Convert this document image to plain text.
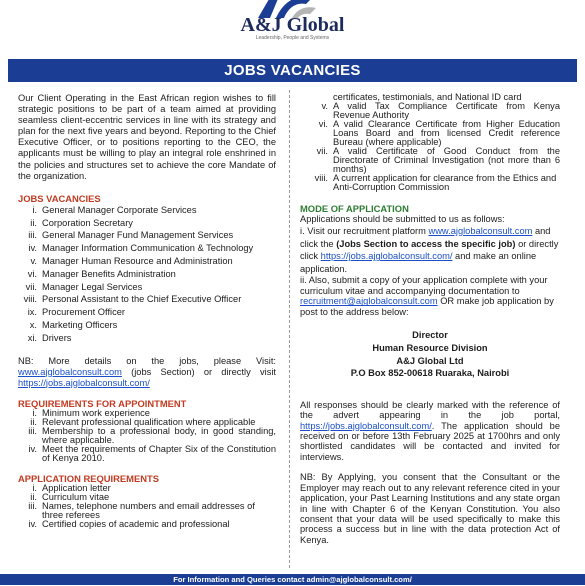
A&J Global
Leadership, People and Systems
JOBS VACANCIES

Our Client Operating in the East African region wishes to fill strategic positions to be part of a team aimed at providing seamless client-eccentric services in line with its strategy and plan for the next five years and beyond. Reporting to the Chief Executive Officer, or to positions reporting to the CEO, the applicants must be willing to play an integral role enshrined in the policies and structures set to achieve the core Mandate of the organization.

JOBS VACANCIES
i. General Manager Corporate Services
ii. Corporation Secretary
iii. General Manager Fund Management Services
iv. Manager Information Communication & Technology
v. Manager Human Resource and Administration
vi. Manager Benefits Administration
vii. Manager Legal Services
viii. Personal Assistant to the Chief Executive Officer
ix. Procurement Officer
x. Marketing Officers
xi. Drivers

NB: More details on the jobs, please Visit: www.ajglobalconsult.com (jobs Section) or directly visit https://jobs.ajglobalconsult.com/

REQUIREMENTS FOR APPOINTMENT
i. Minimum work experience
ii. Relevant professional qualification where applicable
iii. Membership to a professional body, in good standing, where applicable.
iv. Meet the requirements of Chapter Six of the Constitution of Kenya 2010.
APPLICATION REQUIREMENTS
i. Application letter
ii. Curriculum vitae
iii. Names, telephone numbers and email addresses of three referees
iv. Certified copies of academic and professional

certificates, testimonials, and National ID card

v. A valid Tax Compliance Certificate from Kenya Revenue Authority
vi. A valid Clearance Certificate from Higher Education Loans Board and from licensed Credit reference Bureau (where applicable)
vii. A valid Certificate of Good Conduct from the Directorate of Criminal Investigation (not more than 6 months)
viii. A current application for clearance from the Ethics and Anti-Corruption Commission
MODE OF APPLICATION

Applications should be submitted to us as follows:

i. Visit our recruitment platform www.ajglobalconsult.com and click the (Jobs Section to access the specific job) or directly click https://jobs.ajglobalconsult.com/ and make an online application.

ii. Also, submit a copy of your application complete with your curriculum vitae and accompanying documentation to recruitment@ajglobalconsult.com OR make job application by post to the address below:

Director
Human Resource Division
A&J Global Ltd
P.O Box 852-00618 Ruaraka, Nairobi

All responses should be clearly marked with the reference of the advert appearing in the job portal, https://jobs.ajglobalconsult.com/. The application should be received on or before 13th February 2025 at 1700hrs and only shortlisted candidates will be contacted and invited for interviews.

NB: By Applying, you consent that the Consultant or the Employer may reach out to any relevant reference cited in your application, your Past Learning Institutions and any state organ in line with Chapter 6 of the Kenyan Constitution. You also consent that your data will be used specifically to make this process a success but in line with the data protection Act of Kenya.

For Information and Queries contact admin@ajglobalconsult.com/
